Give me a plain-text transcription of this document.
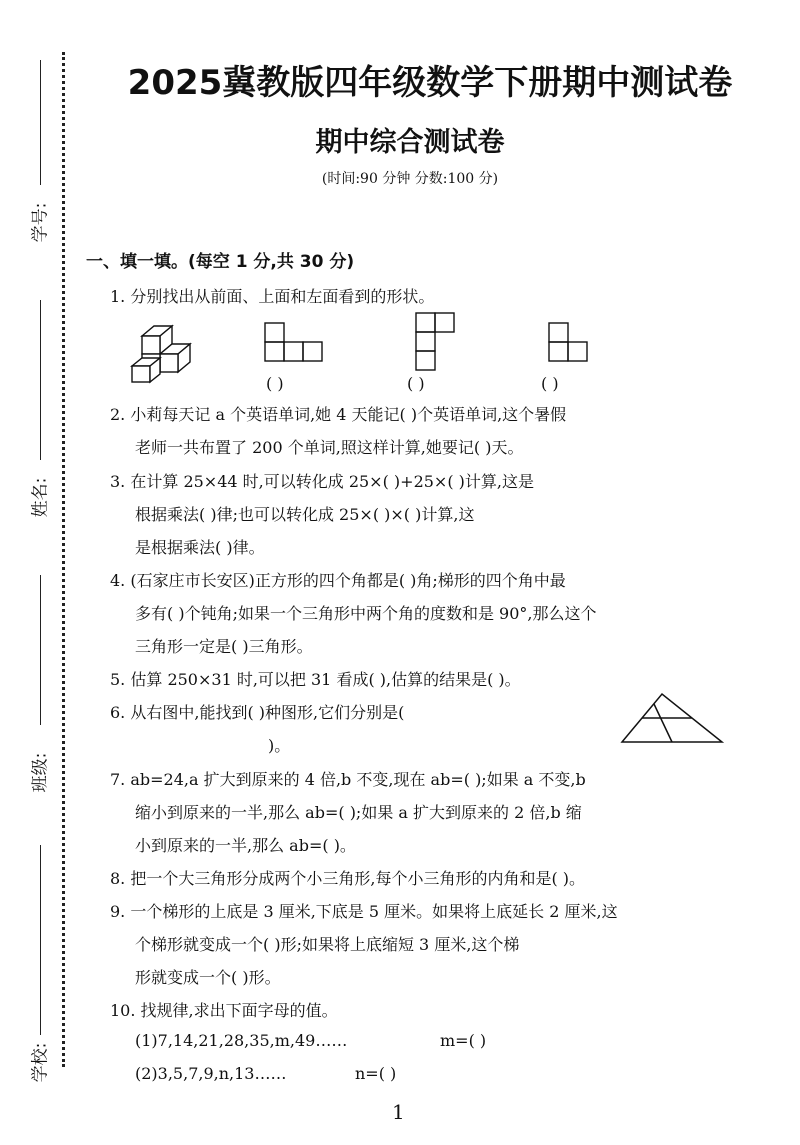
学号:
姓名:
班级:
学校:
2025冀教版四年级数学下册期中测试卷
期中综合测试卷
(时间:90 分钟 分数:100 分)
一、填一填。(每空 1 分,共 30 分)
1. 分别找出从前面、上面和左面看到的形状。
( )	( )	( )
2. 小莉每天记 a 个英语单词,她 4 天能记( )个英语单词,这个暑假
老师一共布置了 200 个单词,照这样计算,她要记( )天。
3. 在计算 25×44 时,可以转化成 25×( )+25×( )计算,这是
根据乘法( )律;也可以转化成 25×( )×( )计算,这
是根据乘法( )律。
4. (石家庄市长安区)正方形的四个角都是( )角;梯形的四个角中最
多有( )个钝角;如果一个三角形中两个角的度数和是 90°,那么这个
三角形一定是( )三角形。
5. 估算 250×31 时,可以把 31 看成( ),估算的结果是( )。
6. 从右图中,能找到( )种图形,它们分别是(
)。
7. ab=24,a 扩大到原来的 4 倍,b 不变,现在 ab=( );如果 a 不变,b
缩小到原来的一半,那么 ab=( );如果 a 扩大到原来的 2 倍,b 缩
小到原来的一半,那么 ab=( )。
8. 把一个大三角形分成两个小三角形,每个小三角形的内角和是( )。
9. 一个梯形的上底是 3 厘米,下底是 5 厘米。如果将上底延长 2 厘米,这
个梯形就变成一个( )形;如果将上底缩短 3 厘米,这个梯
形就变成一个( )形。
10. 找规律,求出下面字母的值。
(1)7,14,21,28,35,m,49……	m=( )
(2)3,5,7,9,n,13……	n=( )
1
